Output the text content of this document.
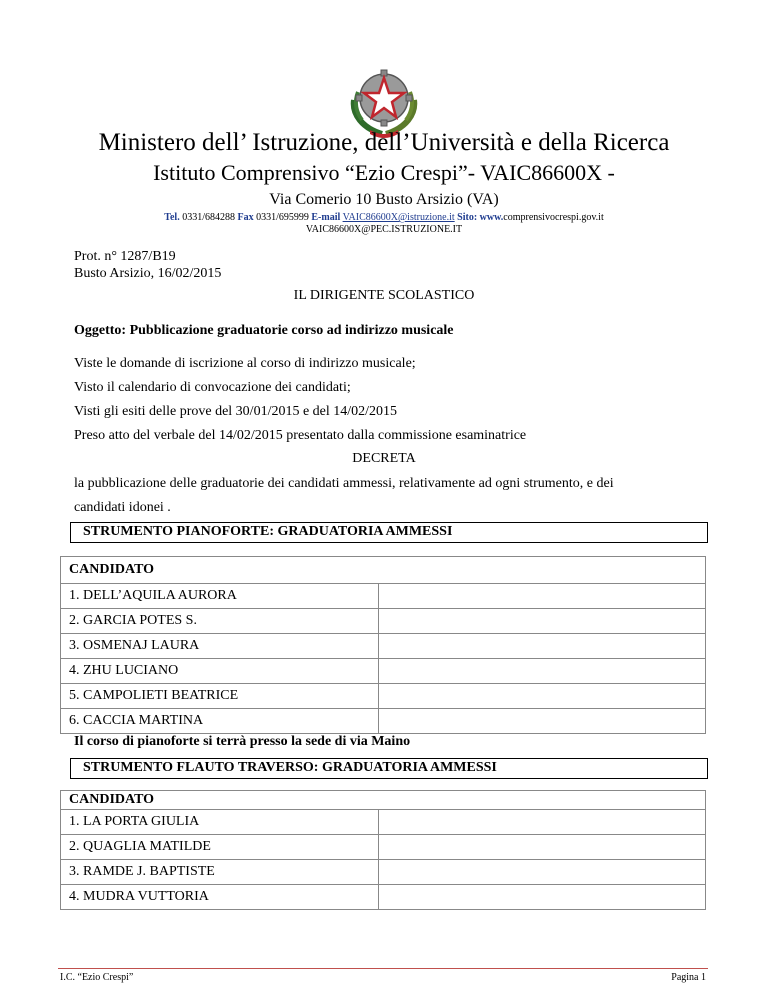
Ministero dell’ Istruzione, dell’Università e della Ricerca
Istituto Comprensivo “Ezio Crespi”- VAIC86600X -
Via Comerio 10 Busto Arsizio (VA)
Tel. 0331/684288 Fax 0331/695999 E-mail VAIC86600X@istruzione.it Sito: www.comprensivocrespi.gov.it
VAIC86600X@PEC.ISTRUZIONE.IT
Prot. n° 1287/B19
Busto Arsizio, 16/02/2015
IL DIRIGENTE SCOLASTICO
Oggetto: Pubblicazione graduatorie corso ad indirizzo musicale
Viste le domande di iscrizione al corso di indirizzo musicale;
Visto il calendario di convocazione dei candidati;
Visti gli esiti delle prove del 30/01/2015 e del 14/02/2015
Preso atto del verbale del 14/02/2015 presentato dalla commissione esaminatrice
DECRETA
la pubblicazione delle graduatorie dei candidati ammessi, relativamente ad ogni strumento, e dei
candidati idonei .
STRUMENTO PIANOFORTE: GRADUATORIA AMMESSI
CANDIDATO	
1. DELL’AQUILA AURORA	
2. GARCIA POTES S.	
3. OSMENAJ LAURA	
4. ZHU LUCIANO	
5. CAMPOLIETI BEATRICE	
6. CACCIA MARTINA	
Il corso di pianoforte si terrà presso la sede di via Maino
STRUMENTO FLAUTO TRAVERSO: GRADUATORIA AMMESSI
CANDIDATO	
1. LA PORTA GIULIA	
2. QUAGLIA MATILDE	
3. RAMDE J. BAPTISTE	
4. MUDRA VUTTORIA	
I.C. “Ezio Crespi”	Pagina 1
